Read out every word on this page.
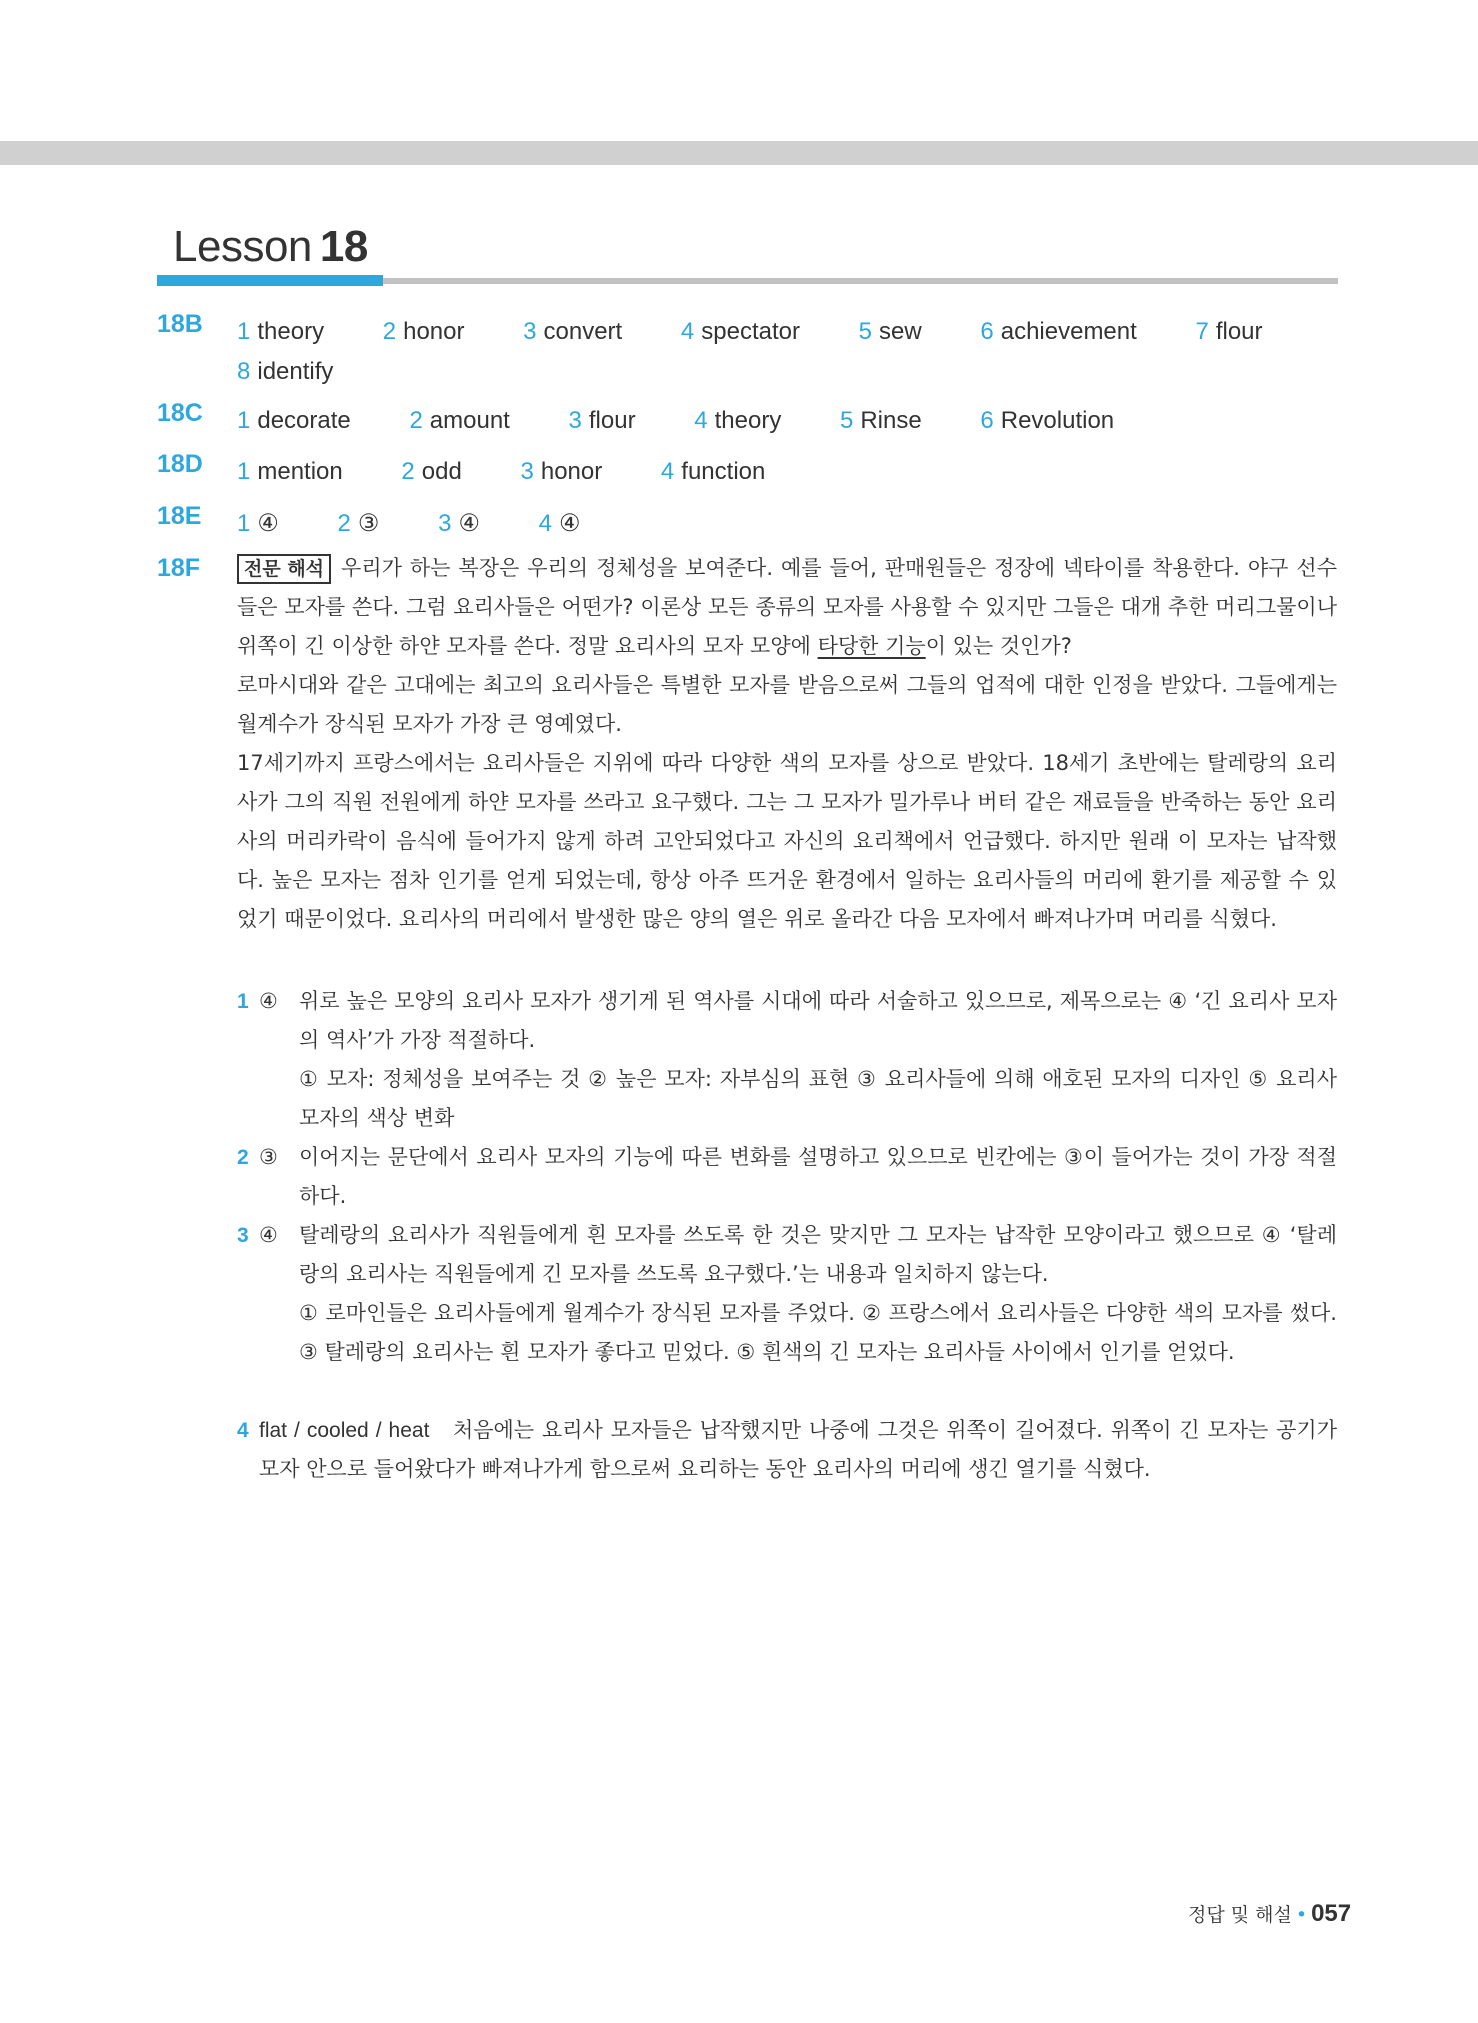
Lesson 18
18B 1 theory 2 honor 3 convert 4 spectator 5 sew 6 achievement 7 flour 8 identify
18C 1 decorate 2 amount 3 flour 4 theory 5 Rinse 6 Revolution
18D 1 mention 2 odd 3 honor 4 function
18E 1 ④ 2 ③ 3 ④ 4 ④
18F	전문 해석 우리가 하는 복장은 우리의 정체성을 보여준다. 예를 들어, 판매원들은 정장에 넥타이를 착용한다. 야구 선수들은 모자를 쓴다. 그럼 요리사들은 어떤가? 이론상 모든 종류의 모자를 사용할 수 있지만 그들은 대개 추한 머리그물이나 위쪽이 긴 이상한 하얀 모자를 쓴다. 정말 요리사의 모자 모양에 타당한 기능이 있는 것인가?

로마시대와 같은 고대에는 최고의 요리사들은 특별한 모자를 받음으로써 그들의 업적에 대한 인정을 받았다. 그들에게는 월계수가 장식된 모자가 가장 큰 영예였다.

17세기까지 프랑스에서는 요리사들은 지위에 따라 다양한 색의 모자를 상으로 받았다. 18세기 초반에는 탈레랑의 요리사가 그의 직원 전원에게 하얀 모자를 쓰라고 요구했다. 그는 그 모자가 밀가루나 버터 같은 재료들을 반죽하는 동안 요리사의 머리카락이 음식에 들어가지 않게 하려 고안되었다고 자신의 요리책에서 언급했다. 하지만 원래 이 모자는 납작했다. 높은 모자는 점차 인기를 얻게 되었는데, 항상 아주 뜨거운 환경에서 일하는 요리사들의 머리에 환기를 제공할 수 있었기 때문이었다. 요리사의 머리에서 발생한 많은 양의 열은 위로 올라간 다음 모자에서 빠져나가며 머리를 식혔다.

1 ④ 위로 높은 모양의 요리사 모자가 생기게 된 역사를 시대에 따라 서술하고 있으므로, 제목으로는 ④ ‘긴 요리사 모자의 역사’가 가장 적절하다.

① 모자: 정체성을 보여주는 것 ② 높은 모자: 자부심의 표현 ③ 요리사들에 의해 애호된 모자의 디자인 ⑤ 요리사 모자의 색상 변화

2 ③ 이어지는 문단에서 요리사 모자의 기능에 따른 변화를 설명하고 있으므로 빈칸에는 ③이 들어가는 것이 가장 적절하다.

3 ④ 탈레랑의 요리사가 직원들에게 흰 모자를 쓰도록 한 것은 맞지만 그 모자는 납작한 모양이라고 했으므로 ④ ‘탈레랑의 요리사는 직원들에게 긴 모자를 쓰도록 요구했다.’는 내용과 일치하지 않는다.

① 로마인들은 요리사들에게 월계수가 장식된 모자를 주었다. ② 프랑스에서 요리사들은 다양한 색의 모자를 썼다. ③ 탈레랑의 요리사는 흰 모자가 좋다고 믿었다. ⑤ 흰색의 긴 모자는 요리사들 사이에서 인기를 얻었다.

4 flat / cooled / heat 처음에는 요리사 모자들은 납작했지만 나중에 그것은 위쪽이 길어졌다. 위쪽이 긴 모자는 공기가 모자 안으로 들어왔다가 빠져나가게 함으로써 요리하는 동안 요리사의 머리에 생긴 열기를 식혔다.

정답 및 해설 • 057
